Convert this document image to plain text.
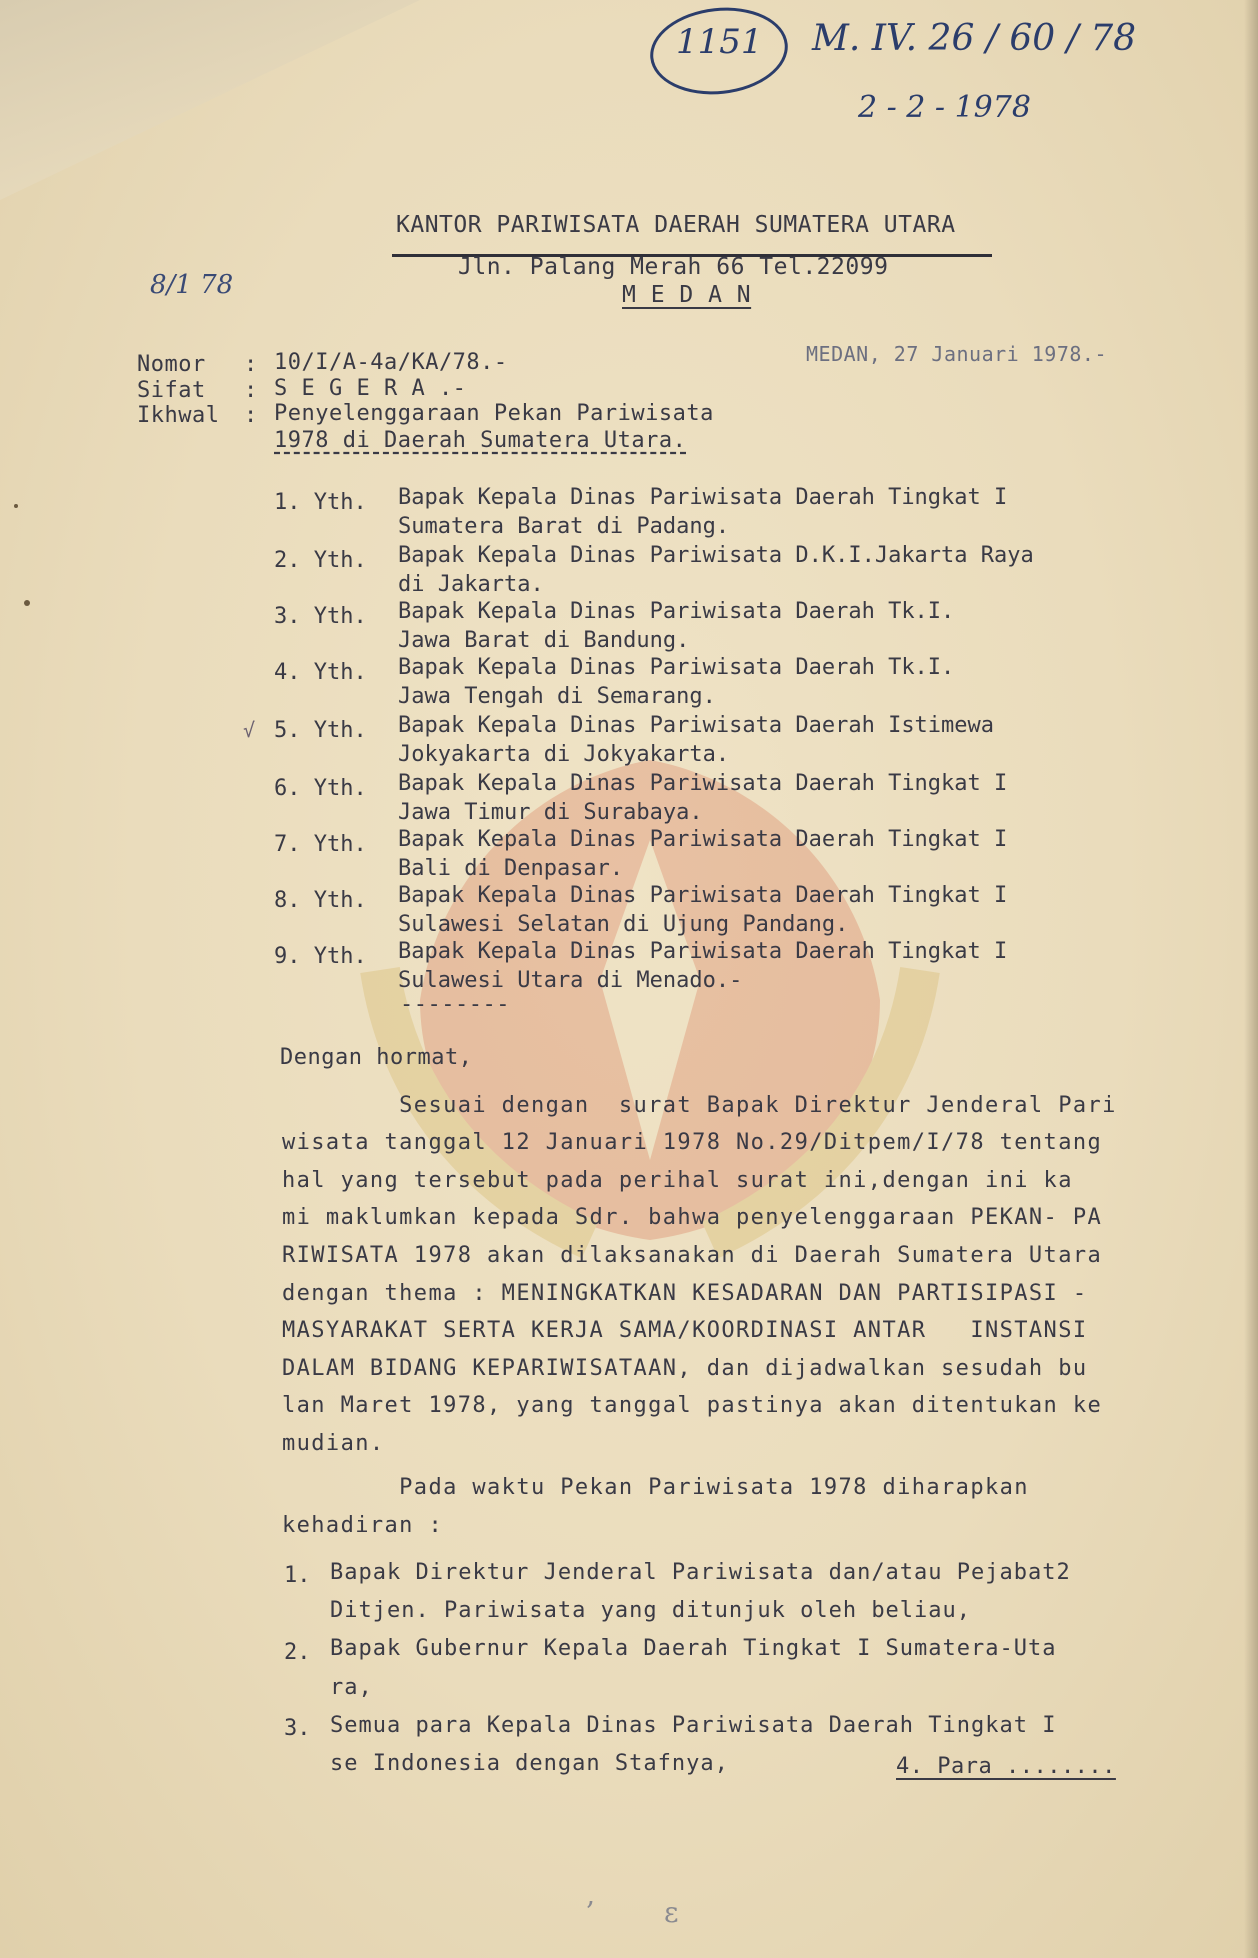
1151 M. IV. 26 / 60 / 78
2 - 2 - 1978
8/1 78
KANTOR PARIWISATA DAERAH SUMATERA UTARA
Jln. Palang Merah 66 Tel.22099
M E D A N
Nomor : 10/I/A-4a/KA/78.-	MEDAN, 27 Januari 1978.-
Sifat : S E G E R A .-
Ikhwal : Penyelenggaraan Pekan Pariwisata
1978 di Daerah Sumatera Utara.
1. Yth. Bapak Kepala Dinas Pariwisata Daerah Tingkat I
Sumatera Barat di Padang.
2. Yth. Bapak Kepala Dinas Pariwisata D.K.I.Jakarta Raya
di Jakarta.
3. Yth. Bapak Kepala Dinas Pariwisata Daerah Tk.I.
Jawa Barat di Bandung.
4. Yth. Bapak Kepala Dinas Pariwisata Daerah Tk.I.
Jawa Tengah di Semarang.
√ 5. Yth. Bapak Kepala Dinas Pariwisata Daerah Istimewa
Jokyakarta di Jokyakarta.
6. Yth. Bapak Kepala Dinas Pariwisata Daerah Tingkat I
Jawa Timur di Surabaya.
7. Yth. Bapak Kepala Dinas Pariwisata Daerah Tingkat I
Bali di Denpasar.
8. Yth. Bapak Kepala Dinas Pariwisata Daerah Tingkat I
Sulawesi Selatan di Ujung Pandang.
9. Yth. Bapak Kepala Dinas Pariwisata Daerah Tingkat I
Sulawesi Utara di Menado.-
--------
Dengan hormat,
Sesuai dengan  surat Bapak Direktur Jenderal Pari
wisata tanggal 12 Januari 1978 No.29/Ditpem/I/78 tentang
hal yang tersebut pada perihal surat ini,dengan ini ka
mi maklumkan kepada Sdr. bahwa penyelenggaraan PEKAN- PA
RIWISATA 1978 akan dilaksanakan di Daerah Sumatera Utara
dengan thema : MENINGKATKAN KESADARAN DAN PARTISIPASI -
MASYARAKAT SERTA KERJA SAMA/KOORDINASI ANTAR   INSTANSI
DALAM BIDANG KEPARIWISATAAN, dan dijadwalkan sesudah bu
lan Maret 1978, yang tanggal pastinya akan ditentukan ke
mudian.
Pada waktu Pekan Pariwisata 1978 diharapkan
kehadiran :
1. Bapak Direktur Jenderal Pariwisata dan/atau Pejabat2
Ditjen. Pariwisata yang ditunjuk oleh beliau,
2. Bapak Gubernur Kepala Daerah Tingkat I Sumatera-Uta
ra,
3. Semua para Kepala Dinas Pariwisata Daerah Tingkat I
se Indonesia dengan Stafnya,	4. Para ........
‚
ɛ
